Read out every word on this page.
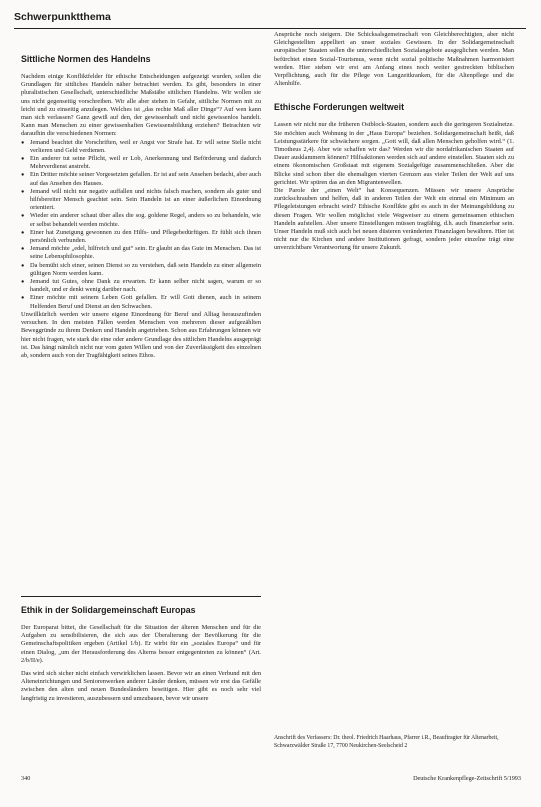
Schwerpunktthema
Sittliche Normen des Handelns

Nachdem einige Konfliktfelder für ethische Entscheidungen aufgezeigt wurden, sollen die Grundlagen für sittliches Handeln näher betrachtet werden. Es gibt, besonders in einer pluralistischen Gesellschaft, unterschiedliche Maßstäbe sittlichen Handelns. Wir wollen sie uns nicht gegenseitig vorschreiben. Wir alle aber stehen in Gefahr, sittliche Normen mit zu leicht und zu einseitig anzulegen. Welches ist „das rechte Maß aller Dinge“? Auf wen kann man sich verlassen? Ganz gewiß auf den, der gewissenhaft und nicht gewissenlos handelt. Kann man Menschen zu einer gewissenhaften Gewissensbildung erziehen? Betrachten wir daraufhin die verschiedenen Normen:

● Jemand beachtet die Vorschriften, weil er Angst vor Strafe hat. Er will seine Stelle nicht verlieren und Geld verdienen.
● Ein anderer tut seine Pflicht, weil er Lob, Anerkennung und Beförderung und dadurch Mehrverdienst anstrebt.
● Ein Dritter möchte seiner Vorgesetzten gefallen. Er ist auf sein Ansehen bedacht, aber auch auf das Ansehen des Hauses.
● Jemand will nicht nur negativ auffallen und nichts falsch machen, sondern als guter und hilfsbereiter Mensch geachtet sein. Sein Handeln ist an einer äußerlichen Einordnung orientiert.
● Wieder ein anderer schaut über alles die sog. goldene Regel, anders so zu behandeln, wie er selbst behandelt werden möchte.
● Einer hat Zuneigung gewonnen zu den Hilfs- und Pflegebedürftigen. Er fühlt sich ihnen persönlich verbunden.
● Jemand möchte „edel, hilfreich und gut“ sein. Er glaubt an das Gute im Menschen. Das ist seine Lebensphilosophie.
● Da bemüht sich einer, seinen Dienst so zu verstehen, daß sein Handeln zu einer allgemein gültigen Norm werden kann.
● Jemand tut Gutes, ohne Dank zu erwarten. Er kann selber nicht sagen, warum er so handelt, und er denkt wenig darüber nach.
● Einer möchte mit seinem Leben Gott gefallen. Er will Gott dienen, auch in seinem Helfenden Beruf und Dienst an den Schwachen.

Unwillkürlich werden wir unsere eigene Einordnung für Beruf und Alltag herauszufinden versuchen. In den meisten Fällen werden Menschen von mehreren dieser aufgezählten Beweggründe zu ihrem Denken und Handeln angetrieben. Schon aus Erfahrungen können wir hier nicht fragen, wie stark die eine oder andere Grundlage des sittlichen Handelns ausgeprägt ist. Das hängt nämlich nicht nur vom guten Willen und von der Zuverlässigkeit des einzelnen ab, sondern auch von der Tragfähigkeit seines Ethos.

Ethik in der Solidargemeinschaft Europas

Der Europarat bittet, die Gesellschaft für die Situation der älteren Menschen und für die Aufgaben zu sensibilisieren, die sich aus der Überalterung der Bevölkerung für die Gemeinschaftspolitiken ergeben (Artikel 1/b). Er wirbt für ein „soziales Europa“ und für einen Dialog, „um der Herausforderung des Alterns besser entgegentreten zu können“ (Art. 2/b/II/e).

Das wird sich sicher nicht einfach verwirklichen lassen. Bevor wir an einen Verbund mit den Alteneinrichtungen und Seniorenwerken anderer Länder denken, müssen wir erst das Gefälle zwischen den alten und neuen Bundesländern beseitigen. Hier gibt es noch sehr viel langfristig zu investieren, auszubessern und umzubauen, bevor wir unsere

Ansprüche noch steigern. Die Schicksalsgemeinschaft von Gleichberechtigten, aber nicht Gleichgestellten appelliert an unser soziales Gewissen. In der Solidargemeinschaft europäischer Staaten sollen die unterschiedlichen Sozialangebote ausgeglichen werden. Man befürchtet einen Sozial-Tourismus, wenn nicht sozial politische Maßnahmen harmonisiert werden. Hier stehen wir erst am Anfang eines noch weiter gestreckten biblischen Verpflichtung, auch für die Pflege von Langzeitkranken, für die Altenpflege und die Altenhilfe.

Ethische Forderungen weltweit

Lassen wir nicht nur die früheren Ostblock-Staaten, sondern auch die geringeren Sozialnetze. Sie möchten auch Wohnung in der „Haus Europa“ beziehen. Solidargemeinschaft heißt, daß Leistungsstärkere für schwächere sorgen. „Gott will, daß allen Menschen geholfen wird.“ (1. Timotheus 2,4). Aber wie schaffen wir das? Werden wir die nordafrikanischen Staaten auf Dauer ausklammern können? Hilfsaktionen werden sich auf andere einstellen. Staaten sich zu einem ökonomischen Großstaat mit eigenem Sozialgefüge zusammenschließen. Aber die Blicke sind schon über die ehemaligen vierten Grenzen aus vieler Teilen der Welt auf uns gerichtet. Wir spüren das an den Migrantenwellen.

Die Parole der „einen Welt“ hat Konsequenzen. Müssen wir unsere Ansprüche zurückschrauben und helfen, daß in anderen Teilen der Welt ein einmal ein Minimum an Pflegeleistungen erbracht wird? Ethische Konflikte gibt es auch in der Meinungsbildung zu diesen Fragen. Wir wollen möglichst viele Wegweiser zu einem gemeinsamen ethischen Handeln aufstellen. Aber unsere Einstellungen müssen tragfähig, d.h. auch finanzierbar sein. Unser Handeln muß sich auch bei neuen düsteren veränderten Finanzlagen bewähren. Hier ist nicht nur die Kirchen und andere Institutionen gefragt, sondern jeder einzelne trägt eine unverzichtbare Verantwortung für unsere Zukunft.

Anschrift des Verfassers: Dr. theol. Friedrich Haarhaus, Pfarrer i.R., Beauftragter für Altenarbeit, Schwarzwälder Straße 17, 7700 Neukirchen-Seelscheid 2
340	Deutsche Krankenpflege-Zeitschrift 5/1993
